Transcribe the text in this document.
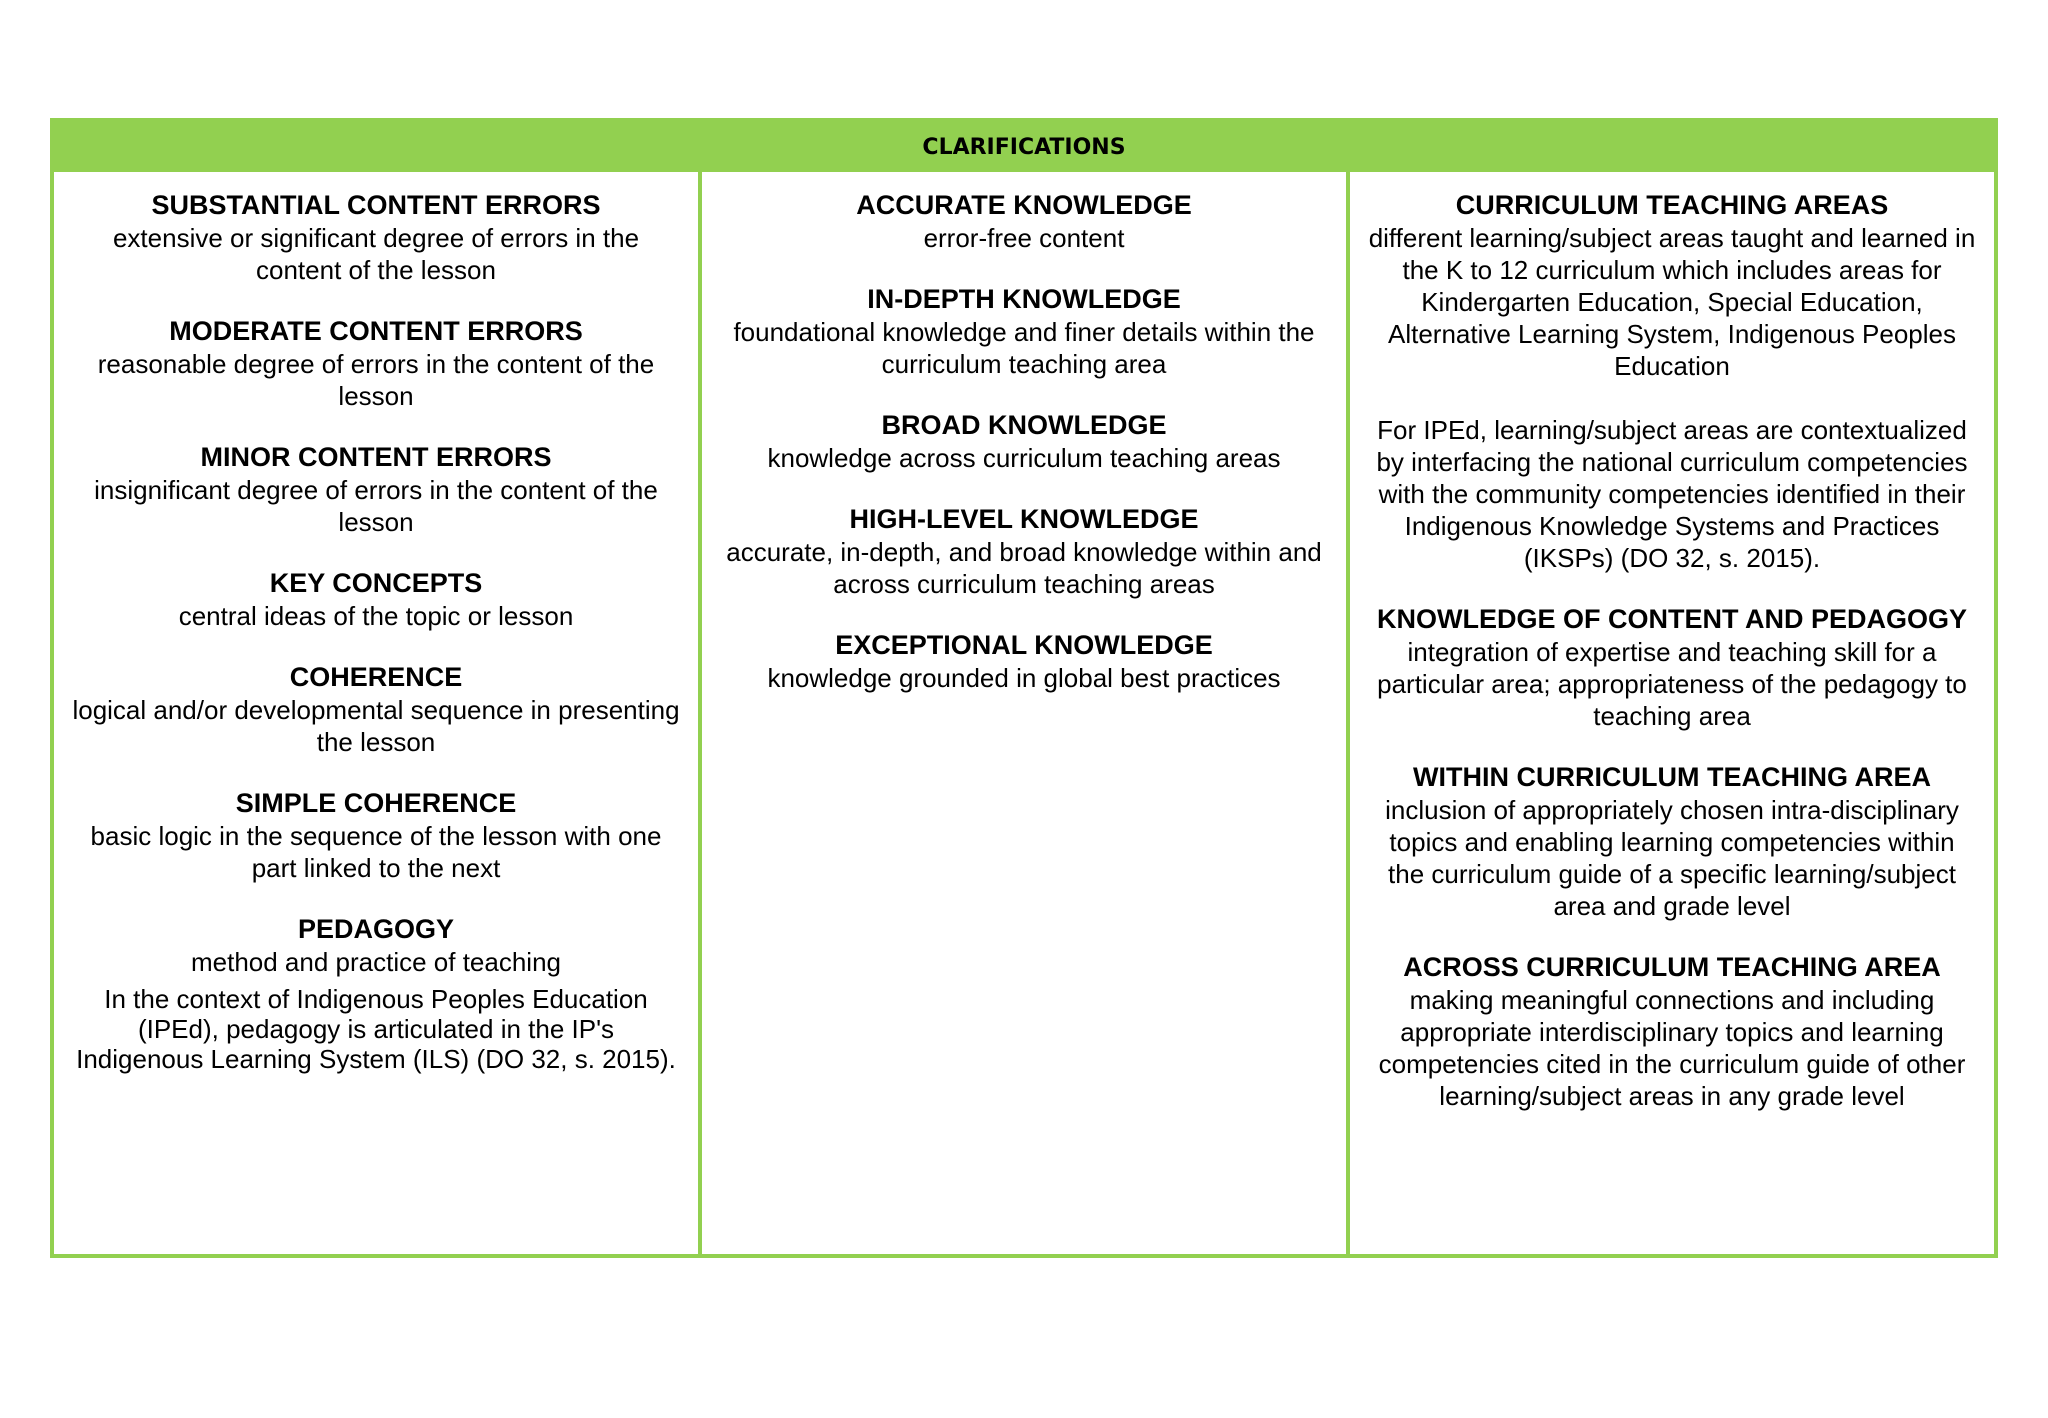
CLARIFICATIONS
SUBSTANTIAL CONTENT ERRORS
extensive or significant degree of errors in the content of the lesson
MODERATE CONTENT ERRORS
reasonable degree of errors in the content of the lesson
MINOR CONTENT ERRORS
insignificant degree of errors in the content of the lesson
KEY CONCEPTS
central ideas of the topic or lesson
COHERENCE
logical and/or developmental sequence in presenting the lesson
SIMPLE COHERENCE
basic logic in the sequence of the lesson with one part linked to the next
PEDAGOGY
method and practice of teaching
In the context of Indigenous Peoples Education (IPEd), pedagogy is articulated in the IP's Indigenous Learning System (ILS) (DO 32, s. 2015).
ACCURATE KNOWLEDGE
error-free content
IN-DEPTH KNOWLEDGE
foundational knowledge and finer details within the curriculum teaching area
BROAD KNOWLEDGE
knowledge across curriculum teaching areas
HIGH-LEVEL KNOWLEDGE
accurate, in-depth, and broad knowledge within and across curriculum teaching areas
EXCEPTIONAL KNOWLEDGE
knowledge grounded in global best practices
CURRICULUM TEACHING AREAS
different learning/subject areas taught and learned in the K to 12 curriculum which includes areas for Kindergarten Education, Special Education, Alternative Learning System, Indigenous Peoples Education
For IPEd, learning/subject areas are contextualized by interfacing the national curriculum competencies with the community competencies identified in their Indigenous Knowledge Systems and Practices (IKSPs) (DO 32, s. 2015).
KNOWLEDGE OF CONTENT AND PEDAGOGY
integration of expertise and teaching skill for a particular area; appropriateness of the pedagogy to teaching area
WITHIN CURRICULUM TEACHING AREA
inclusion of appropriately chosen intra-disciplinary topics and enabling learning competencies within the curriculum guide of a specific learning/subject area and grade level
ACROSS CURRICULUM TEACHING AREA
making meaningful connections and including appropriate interdisciplinary topics and learning competencies cited in the curriculum guide of other learning/subject areas in any grade level
